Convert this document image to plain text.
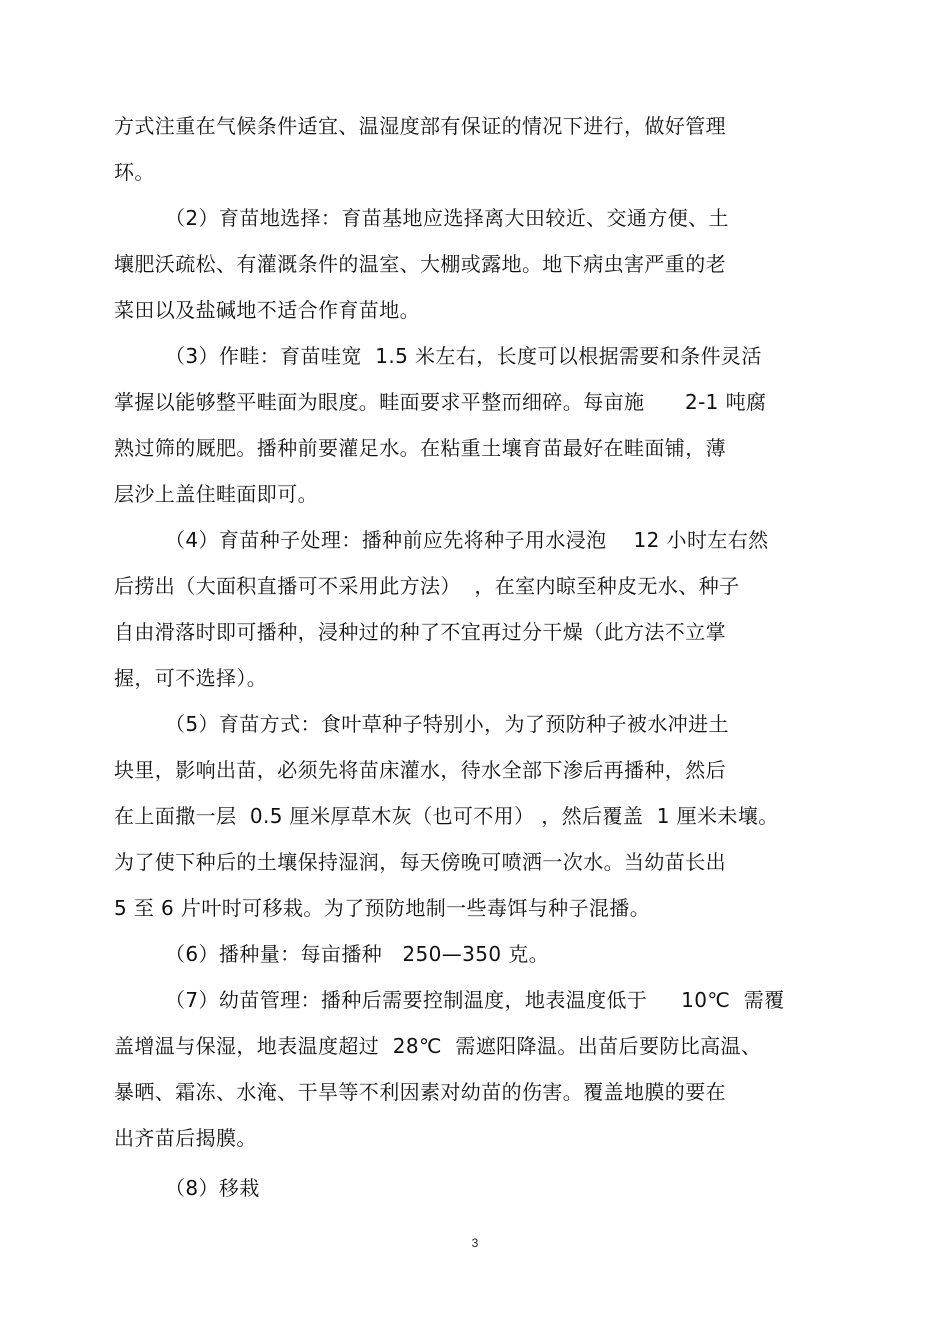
方式注重在气候条件适宜、温湿度部有保证的情况下进行，做好管理
环。
（2）育苗地选择：育苗基地应选择离大田较近、交通方便、土
壤肥沃疏松、有灌溉条件的温室、大棚或露地。地下病虫害严重的老
菜田以及盐碱地不适合作育苗地。
（3）作畦：育苗哇宽  1.5 米左右，长度可以根据需要和条件灵活
掌握以能够整平畦面为眼度。畦面要求平整而细碎。每亩施      2-1 吨腐
熟过筛的厩肥。播种前要灌足水。在粘重土壤育苗最好在畦面铺，薄
层沙上盖住畦面即可。
（4）育苗种子处理：播种前应先将种子用水浸泡    12 小时左右然
后捞出（大面积直播可不采用此方法）  ，在室内晾至种皮无水、种子
自由滑落时即可播种，浸种过的种了不宜再过分干燥（此方法不立掌
握，可不选择）。
（5）育苗方式：食叶草种子特别小，为了预防种子被水冲进土
块里，影响出苗，必须先将苗床灌水，待水全部下渗后再播种，然后
在上面撒一层  0.5 厘米厚草木灰（也可不用） ，然后覆盖  1 厘米未壤。
为了使下种后的土壤保持湿润，每天傍晚可喷洒一次水。当幼苗长出
5 至 6 片叶时可移栽。为了预防地制一些毒饵与种子混播。
（6）播种量：每亩播种   250—350 克。
（7）幼苗管理：播种后需要控制温度，地表温度低于     10℃  需覆
盖增温与保湿，地表温度超过  28℃  需遮阳降温。出苗后要防比高温、
暴晒、霜冻、水淹、干旱等不利因素对幼苗的伤害。覆盖地膜的要在
出齐苗后揭膜。
（8）移栽
3
